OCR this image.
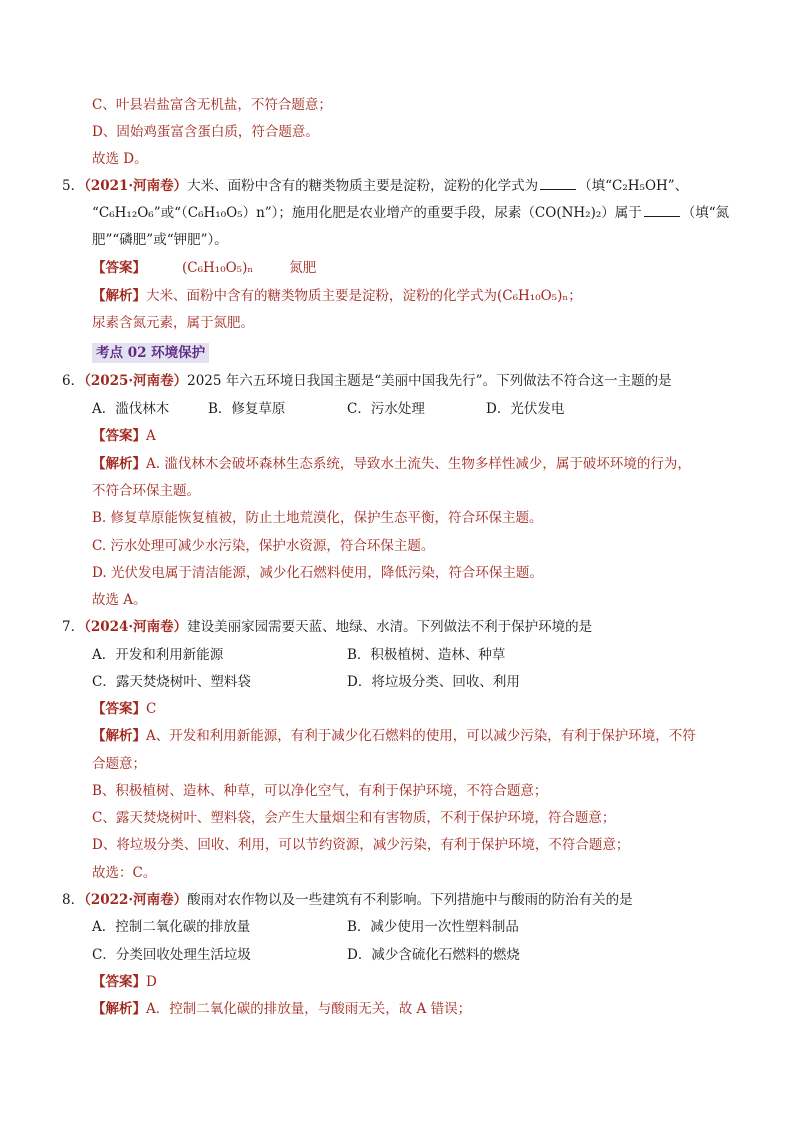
C、叶县岩盐富含无机盐，不符合题意；
D、固始鸡蛋富含蛋白质，符合题意。
故选 D。
5．（2021·河南卷）大米、面粉中含有的糖类物质主要是淀粉，淀粉的化学式为	（填“C₂H₅OH”、
“C₆H₁₂O₆”或“（C₆H₁₀O₅）n”）；施用化肥是农业增产的重要手段，尿素（CO(NH₂)₂）属于	（填“氮
肥”“磷肥”或“钾肥”）。
【答案】	(C₆H₁₀O₅)ₙ	氮肥
【解析】大米、面粉中含有的糖类物质主要是淀粉，淀粉的化学式为(C₆H₁₀O₅)ₙ；
尿素含氮元素，属于氮肥。
考点 02 环境保护
6．（2025·河南卷）2025 年六五环境日我国主题是“美丽中国我先行”。下列做法不符合这一主题的是
A．滥伐林木	B．修复草原	C．污水处理	D．光伏发电
【答案】A
【解析】A. 滥伐林木会破坏森林生态系统，导致水土流失、生物多样性减少，属于破坏环境的行为，
不符合环保主题。
B. 修复草原能恢复植被，防止土地荒漠化，保护生态平衡，符合环保主题。
C. 污水处理可减少水污染，保护水资源，符合环保主题。
D. 光伏发电属于清洁能源，减少化石燃料使用，降低污染，符合环保主题。
故选 A。
7．（2024·河南卷）建设美丽家园需要天蓝、地绿、水清。下列做法不利于保护环境的是
A．开发和利用新能源	B．积极植树、造林、种草
C．露天焚烧树叶、塑料袋	D．将垃圾分类、回收、利用
【答案】C
【解析】A、开发和利用新能源，有利于减少化石燃料的使用，可以减少污染，有利于保护环境，不符
合题意；
B、积极植树、造林、种草，可以净化空气，有利于保护环境，不符合题意；
C、露天焚烧树叶、塑料袋，会产生大量烟尘和有害物质，不利于保护环境，符合题意；
D、将垃圾分类、回收、利用，可以节约资源，减少污染，有利于保护环境，不符合题意；
故选：C。
8．（2022·河南卷）酸雨对农作物以及一些建筑有不利影响。下列措施中与酸雨的防治有关的是
A．控制二氧化碳的排放量	B．减少使用一次性塑料制品
C．分类回收处理生活垃圾	D．减少含硫化石燃料的燃烧
【答案】D
【解析】A．控制二氧化碳的排放量，与酸雨无关，故 A 错误；
